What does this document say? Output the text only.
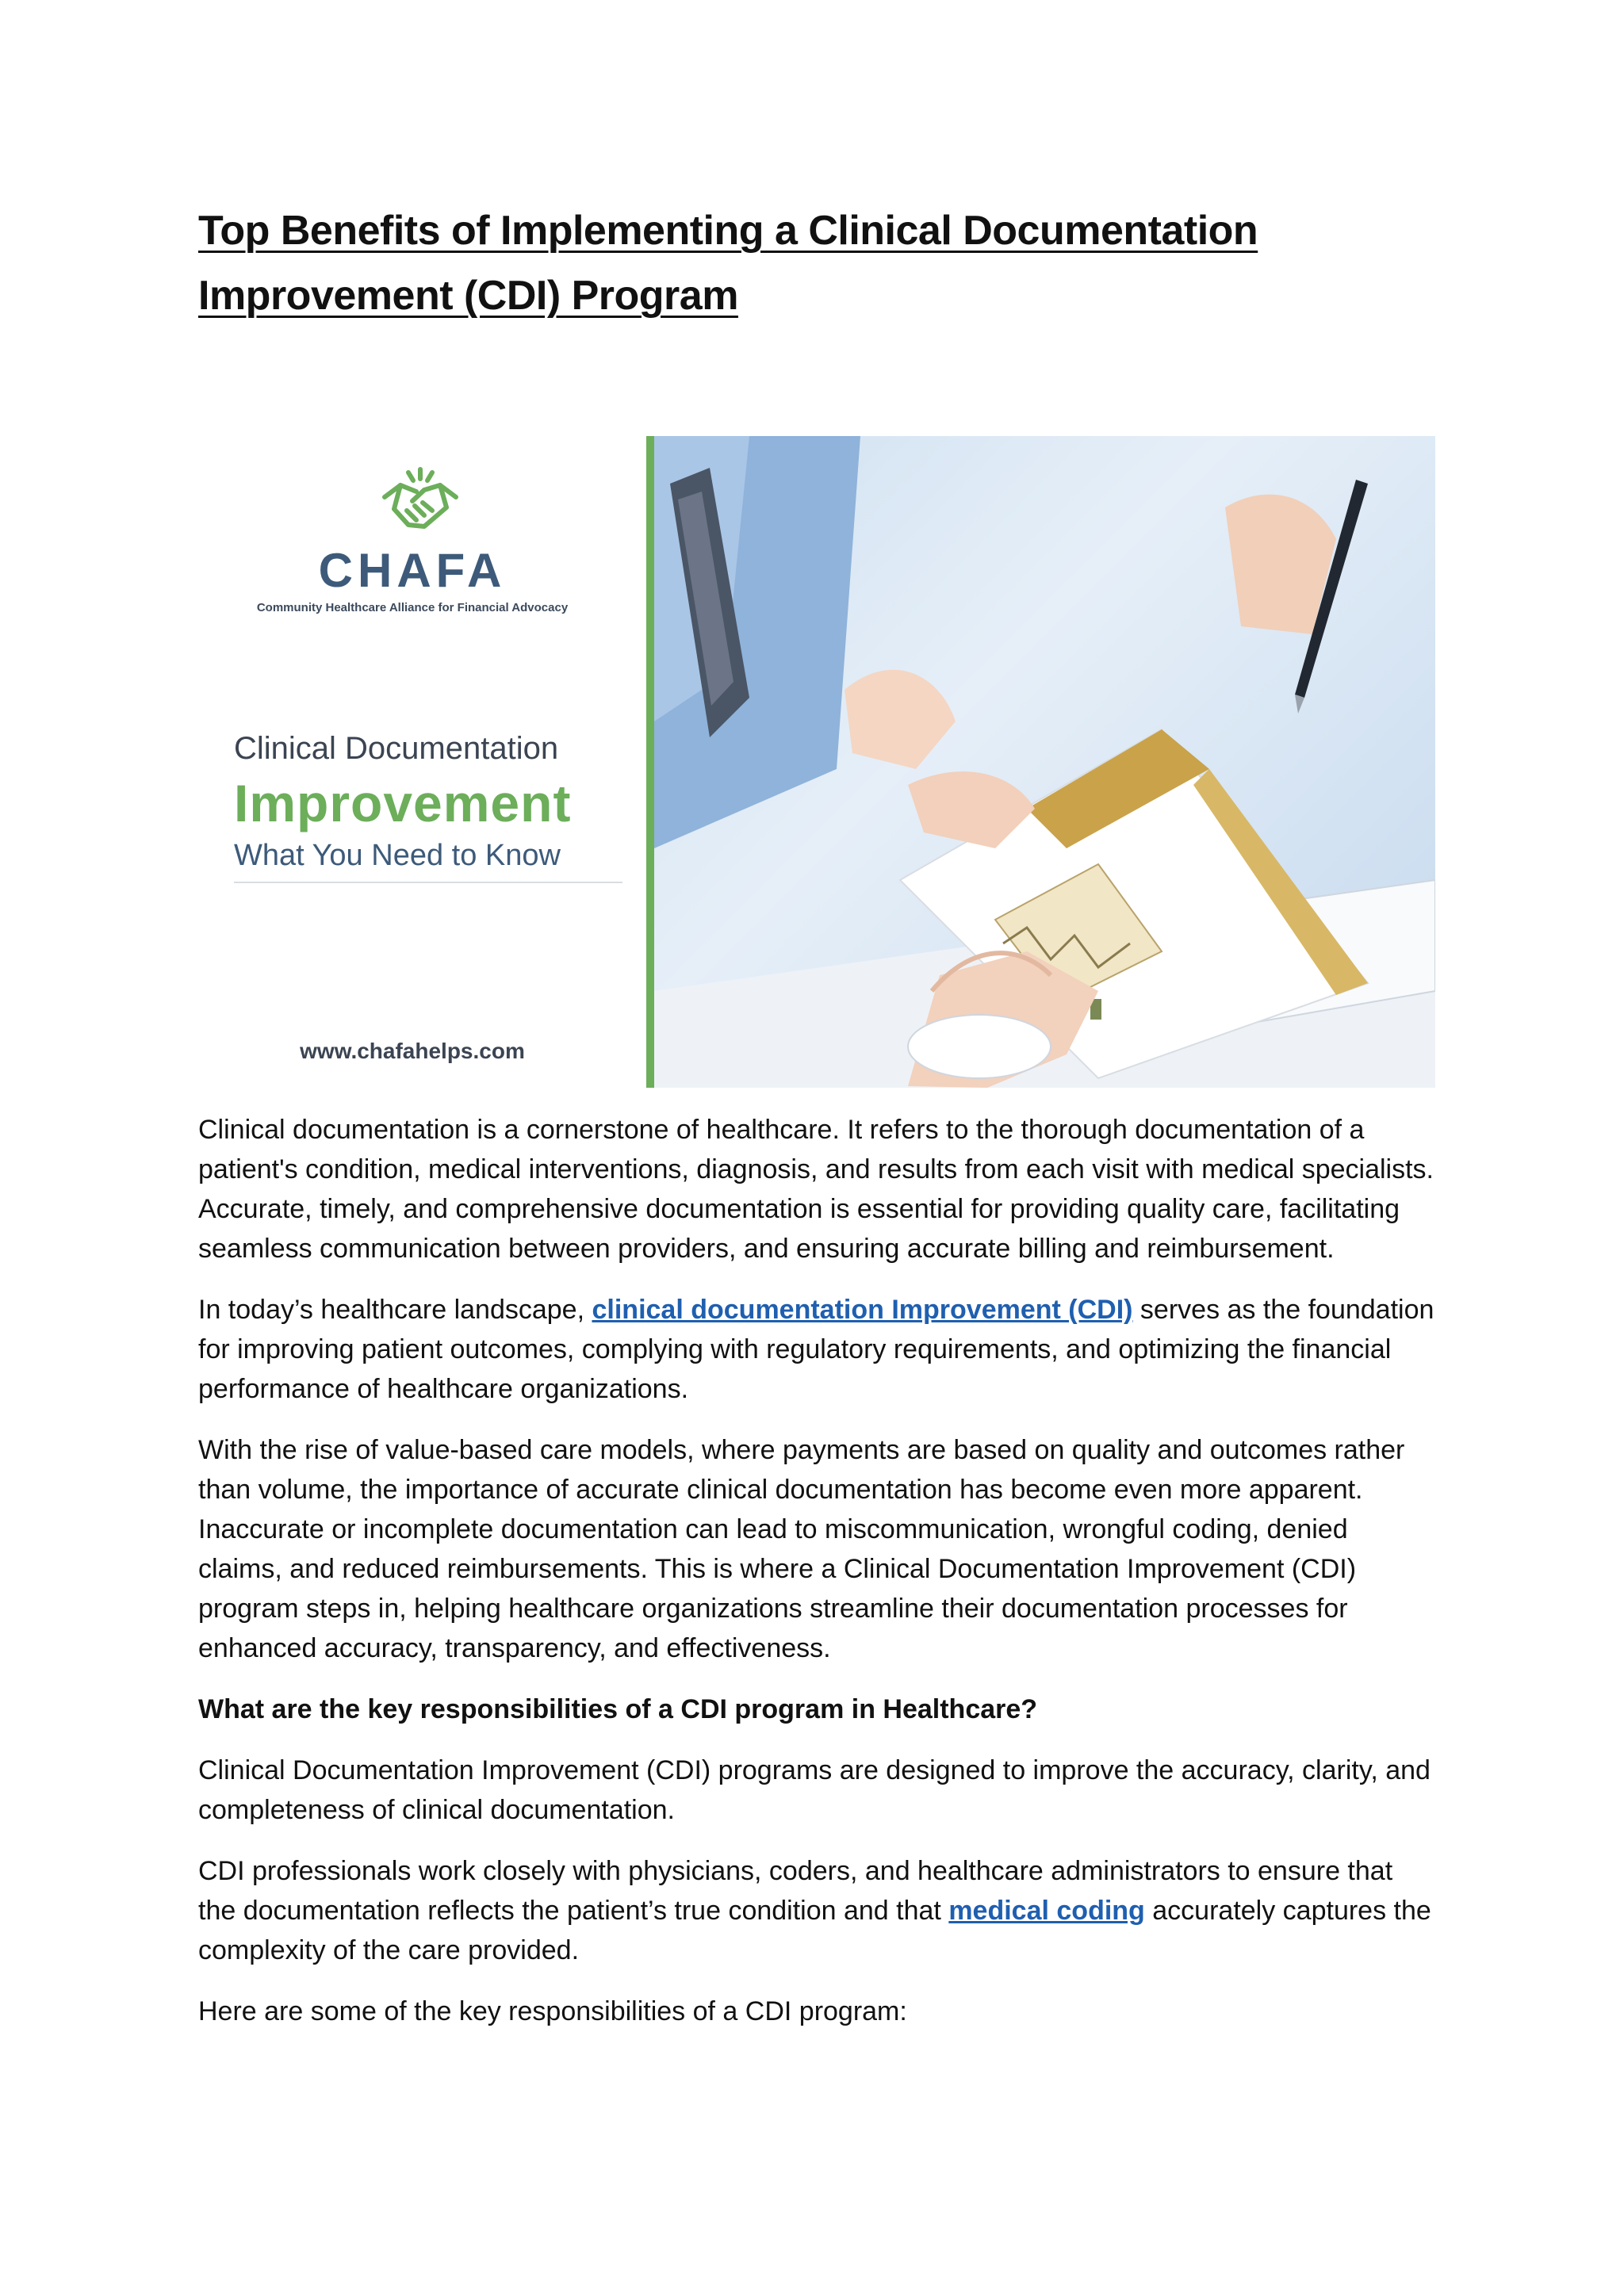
Top Benefits of Implementing a Clinical Documentation Improvement (CDI) Program
CHAFA
Community Healthcare Alliance for Financial Advocacy
Clinical Documentation
Improvement
What You Need to Know
www.chafahelps.com

Clinical documentation is a cornerstone of healthcare. It refers to the thorough documentation of a patient's condition, medical interventions, diagnosis, and results from each visit with medical specialists. Accurate, timely, and comprehensive documentation is essential for providing quality care, facilitating seamless communication between providers, and ensuring accurate billing and reimbursement.

In today’s healthcare landscape, clinical documentation Improvement (CDI) serves as the foundation for improving patient outcomes, complying with regulatory requirements, and optimizing the financial performance of healthcare organizations.

With the rise of value-based care models, where payments are based on quality and outcomes rather than volume, the importance of accurate clinical documentation has become even more apparent. Inaccurate or incomplete documentation can lead to miscommunication, wrongful coding, denied claims, and reduced reimbursements. This is where a Clinical Documentation Improvement (CDI) program steps in, helping healthcare organizations streamline their documentation processes for enhanced accuracy, transparency, and effectiveness.

What are the key responsibilities of a CDI program in Healthcare?

Clinical Documentation Improvement (CDI) programs are designed to improve the accuracy, clarity, and completeness of clinical documentation.

CDI professionals work closely with physicians, coders, and healthcare administrators to ensure that the documentation reflects the patient’s true condition and that medical coding accurately captures the complexity of the care provided.

Here are some of the key responsibilities of a CDI program:
